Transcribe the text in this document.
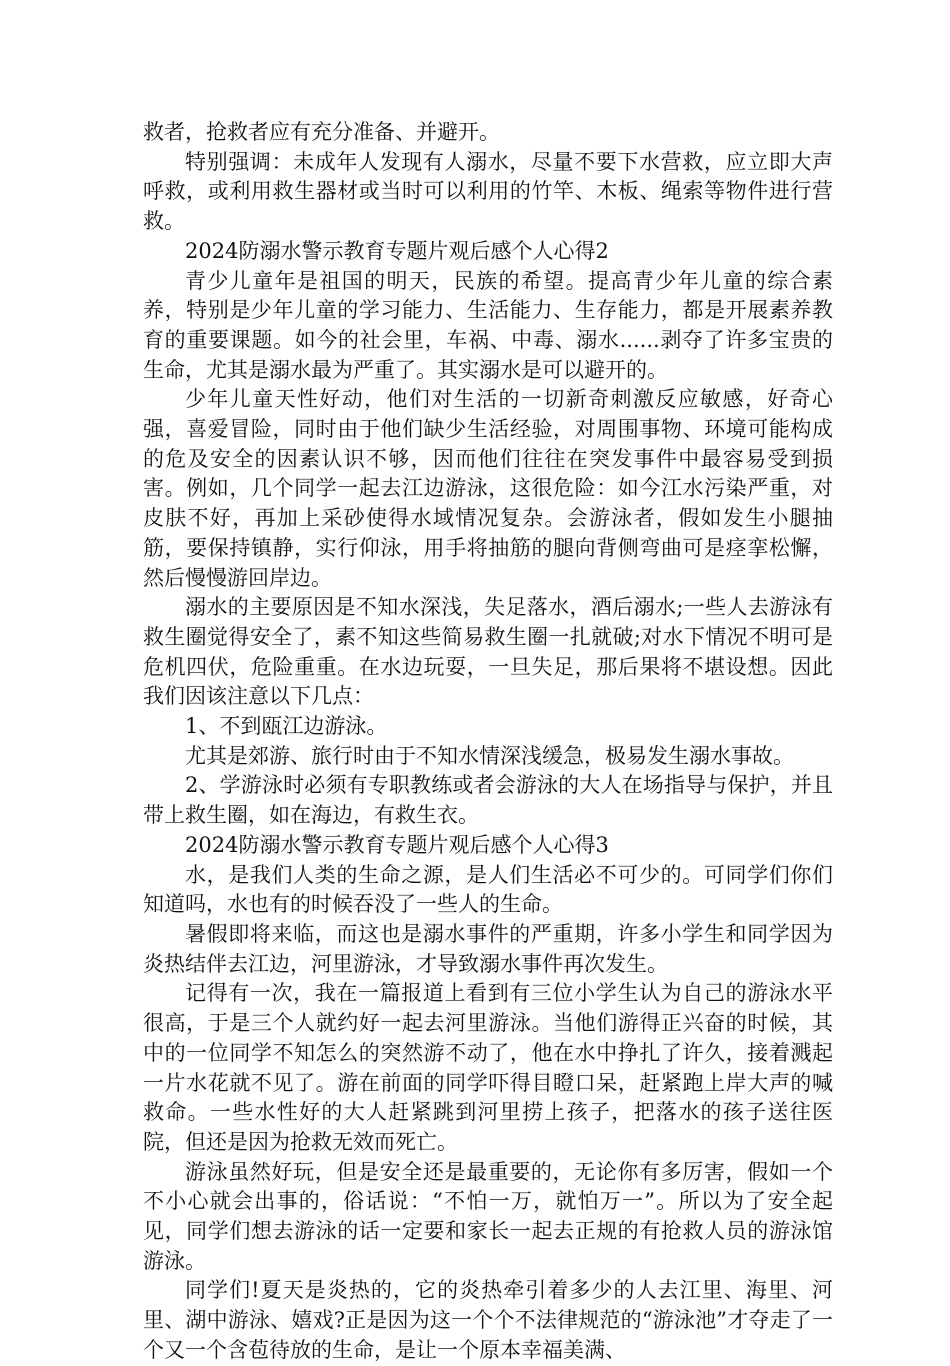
救者，抢救者应有充分准备、并避开。

特别强调：未成年人发现有人溺水，尽量不要下水营救，应立即大声呼救，或利用救生器材或当时可以利用的竹竿、木板、绳索等物件进行营救。

2024防溺水警示教育专题片观后感个人心得2

青少儿童年是祖国的明天，民族的希望。提高青少年儿童的综合素养，特别是少年儿童的学习能力、生活能力、生存能力，都是开展素养教育的重要课题。如今的社会里，车祸、中毒、溺水......剥夺了许多宝贵的生命，尤其是溺水最为严重了。其实溺水是可以避开的。

少年儿童天性好动，他们对生活的一切新奇刺激反应敏感，好奇心强，喜爱冒险，同时由于他们缺少生活经验，对周围事物、环境可能构成的危及安全的因素认识不够，因而他们往往在突发事件中最容易受到损害。例如，几个同学一起去江边游泳，这很危险：如今江水污染严重，对皮肤不好，再加上采砂使得水域情况复杂。会游泳者，假如发生小腿抽筋，要保持镇静，实行仰泳，用手将抽筋的腿向背侧弯曲可是痉挛松懈，然后慢慢游回岸边。

溺水的主要原因是不知水深浅，失足落水，酒后溺水;一些人去游泳有救生圈觉得安全了，素不知这些简易救生圈一扎就破;对水下情况不明可是危机四伏，危险重重。在水边玩耍，一旦失足，那后果将不堪设想。因此我们因该注意以下几点：

1、不到瓯江边游泳。

尤其是郊游、旅行时由于不知水情深浅缓急，极易发生溺水事故。

2、学游泳时必须有专职教练或者会游泳的大人在场指导与保护，并且带上救生圈，如在海边，有救生衣。

2024防溺水警示教育专题片观后感个人心得3

水，是我们人类的生命之源，是人们生活必不可少的。可同学们你们知道吗，水也有的时候吞没了一些人的生命。

暑假即将来临，而这也是溺水事件的严重期，许多小学生和同学因为炎热结伴去江边，河里游泳，才导致溺水事件再次发生。

记得有一次，我在一篇报道上看到有三位小学生认为自己的游泳水平很高，于是三个人就约好一起去河里游泳。当他们游得正兴奋的时候，其中的一位同学不知怎么的突然游不动了，他在水中挣扎了许久，接着溅起一片水花就不见了。游在前面的同学吓得目瞪口呆，赶紧跑上岸大声的喊救命。一些水性好的大人赶紧跳到河里捞上孩子，把落水的孩子送往医院，但还是因为抢救无效而死亡。

游泳虽然好玩，但是安全还是最重要的，无论你有多厉害，假如一个不小心就会出事的，俗话说：“不怕一万，就怕万一”。所以为了安全起见，同学们想去游泳的话一定要和家长一起去正规的有抢救人员的游泳馆游泳。

同学们!夏天是炎热的，它的炎热牵引着多少的人去江里、海里、河里、湖中游泳、嬉戏?正是因为这一个个不法律规范的“游泳池”才夺走了一个又一个含苞待放的生命，是让一个原本幸福美满、
